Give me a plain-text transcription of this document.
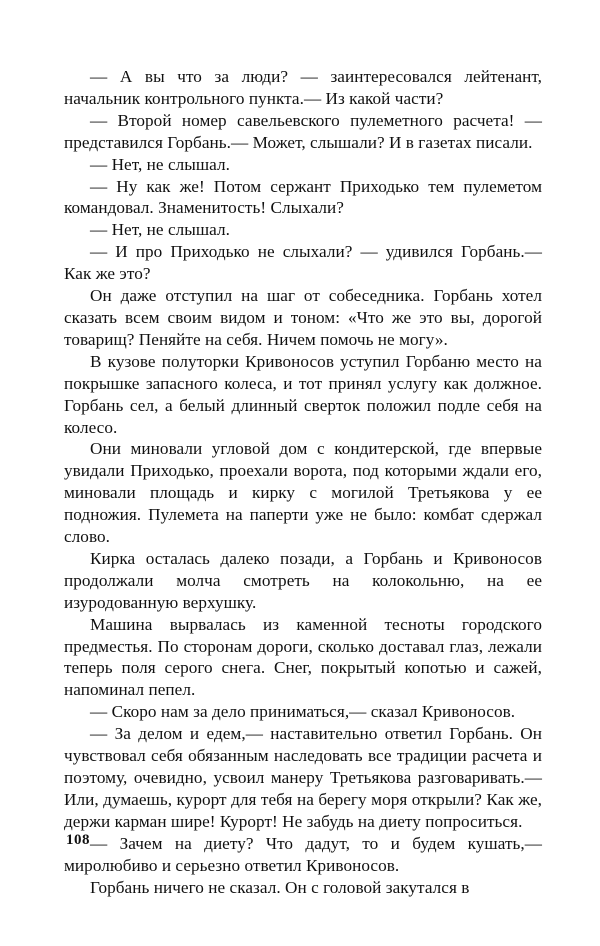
— А вы что за люди? — заинтересовался лейтенант, начальник контрольного пункта.— Из какой части?

— Второй номер савельевского пулеметного расчета! — представился Горбань.— Может, слышали? И в газетах писали.

— Нет, не слышал.

— Ну как же! Потом сержант Приходько тем пулеметом командовал. Знаменитость! Слыхали?

— Нет, не слышал.

— И про Приходько не слыхали? — удивился Горбань.— Как же это?

Он даже отступил на шаг от собеседника. Горбань хотел сказать всем своим видом и тоном: «Что же это вы, дорогой товарищ? Пеняйте на себя. Ничем помочь не могу».

В кузове полуторки Кривоносов уступил Горбаню место на покрышке запасного колеса, и тот принял услугу как должное. Горбань сел, а белый длинный сверток положил подле себя на колесо.

Они миновали угловой дом с кондитерской, где впервые увидали Приходько, проехали ворота, под которыми ждали его, миновали площадь и кирку с могилой Третьякова у ее подножия. Пулемета на паперти уже не было: комбат сдержал слово.

Кирка осталась далеко позади, а Горбань и Кривоносов продолжали молча смотреть на колокольню, на ее изуродованную верхушку.

Машина вырвалась из каменной тесноты городского предместья. По сторонам дороги, сколько доставал глаз, лежали теперь поля серого снега. Снег, покрытый копотью и сажей, напоминал пепел.

— Скоро нам за дело приниматься,— сказал Кривоносов.

— За делом и едем,— наставительно ответил Горбань. Он чувствовал себя обязанным наследовать все традиции расчета и поэтому, очевидно, усвоил манеру Третьякова разговаривать.— Или, думаешь, курорт для тебя на берегу моря открыли? Как же, держи карман шире! Курорт! Не забудь на диету попроситься.

— Зачем на диету? Что дадут, то и будем кушать,— миролюбиво и серьезно ответил Кривоносов.

Горбань ничего не сказал. Он с головой закутался в

108
